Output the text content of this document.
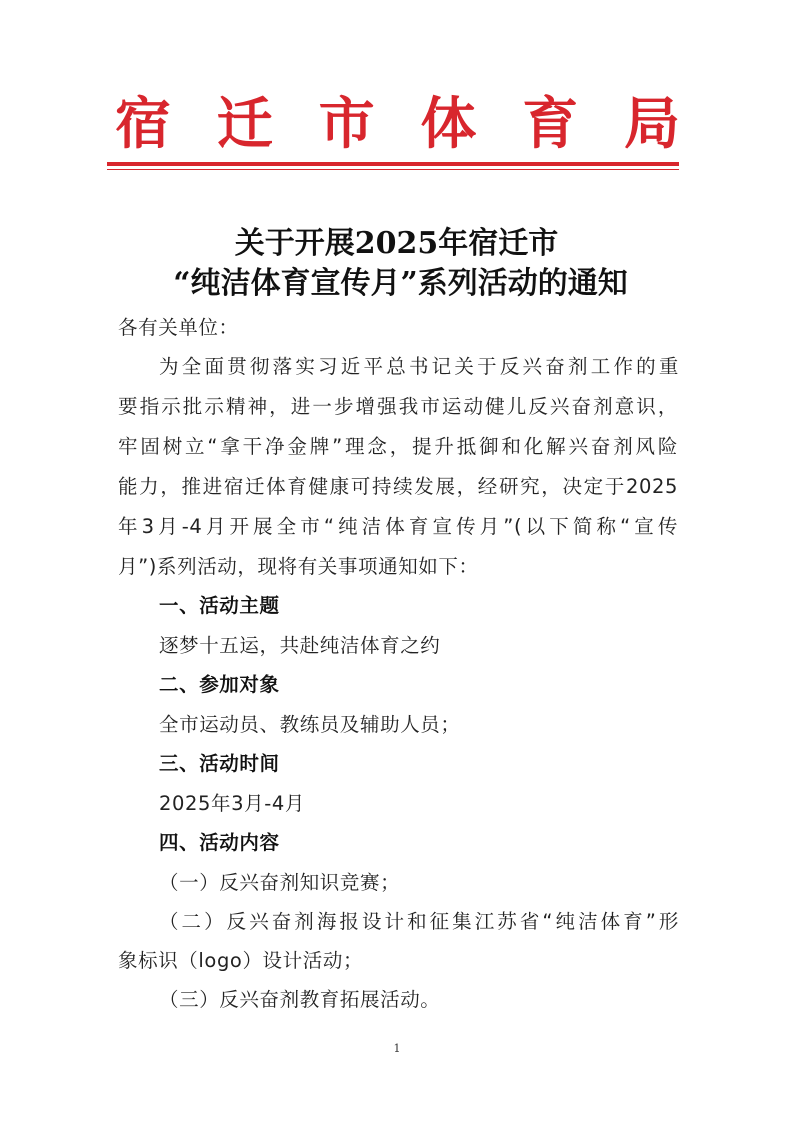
宿 迁 市 体 育 局
关于开展2025年宿迁市
“纯洁体育宣传月”系列活动的通知
各有关单位：
为全面贯彻落实习近平总书记关于反兴奋剂工作的重
要指示批示精神，进一步增强我市运动健儿反兴奋剂意识，
牢固树立“拿干净金牌”理念，提升抵御和化解兴奋剂风险
能力，推进宿迁体育健康可持续发展，经研究，决定于2025
年3月-4月开展全市“纯洁体育宣传月”(以下简称“宣传
月”)系列活动，现将有关事项通知如下：
一、活动主题
逐梦十五运，共赴纯洁体育之约
二、参加对象
全市运动员、教练员及辅助人员；
三、活动时间
2025年3月-4月
四、活动内容
（一）反兴奋剂知识竞赛；
（二）反兴奋剂海报设计和征集江苏省“纯洁体育”形
象标识（logo）设计活动；
（三）反兴奋剂教育拓展活动。
1
